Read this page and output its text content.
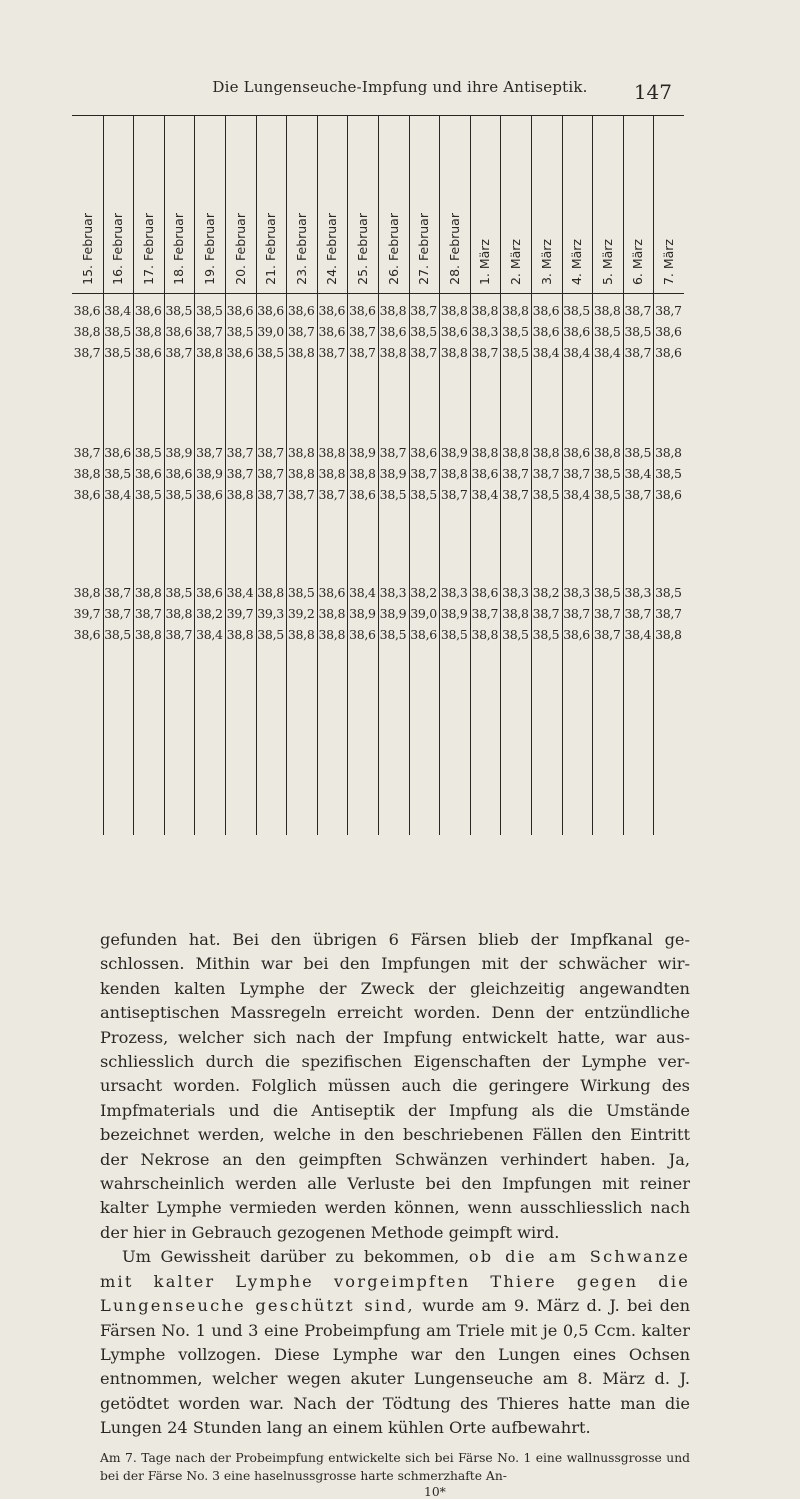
Die Lungenseuche-Impfung und ihre Antiseptik.	147
15. Februar 16. Februar 17. Februar 18. Februar 19. Februar 20. Februar 21. Februar 23. Februar 24. Februar 25. Februar 26. Februar 27. Februar 28. Februar 1. März 2. März 3. März 4. März 5. März 6. März 7. März
38,6 38,4 38,6 38,5 38,5 38,6 38,6 38,6 38,6 38,6 38,8 38,7 38,8 38,8 38,8 38,6 38,5 38,8 38,7 38,7
38,8 38,5 38,8 38,6 38,7 38,5 39,0 38,7 38,6 38,7 38,6 38,5 38,6 38,3 38,5 38,6 38,6 38,5 38,5 38,6
38,7 38,5 38,6 38,7 38,8 38,6 38,5 38,8 38,7 38,7 38,8 38,7 38,8 38,7 38,5 38,4 38,4 38,4 38,7 38,6
38,7 38,6 38,5 38,9 38,7 38,7 38,7 38,8 38,8 38,9 38,7 38,6 38,9 38,8 38,8 38,8 38,6 38,8 38,5 38,8
38,8 38,5 38,6 38,6 38,9 38,7 38,7 38,8 38,8 38,8 38,9 38,7 38,8 38,6 38,7 38,7 38,7 38,5 38,4 38,5
38,6 38,4 38,5 38,5 38,6 38,8 38,7 38,7 38,7 38,6 38,5 38,5 38,7 38,4 38,7 38,5 38,4 38,5 38,7 38,6
38,8 38,7 38,8 38,5 38,6 38,4 38,8 38,5 38,6 38,4 38,3 38,2 38,3 38,6 38,3 38,2 38,3 38,5 38,3 38,5
39,7 38,7 38,7 38,8 38,2 39,7 39,3 39,2 38,8 38,9 38,9 39,0 38,9 38,7 38,8 38,7 38,7 38,7 38,7 38,7
38,6 38,5 38,8 38,7 38,4 38,8 38,5 38,8 38,8 38,6 38,5 38,6 38,5 38,8 38,5 38,5 38,6 38,7 38,4 38,8

gefunden hat. Bei den übrigen 6 Färsen blieb der Impfkanal geschlossen. Mithin war bei den Impfungen mit der schwächer wirkenden kalten Lymphe der Zweck der gleichzeitig angewandten antiseptischen Massregeln erreicht worden. Denn der entzündliche Prozess, welcher sich nach der Impfung entwickelt hatte, war ausschliesslich durch die spezifischen Eigenschaften der Lymphe verursacht worden. Folglich müssen auch die geringere Wirkung des Impfmaterials und die Antiseptik der Impfung als die Umstände bezeichnet werden, welche in den beschriebenen Fällen den Eintritt der Nekrose an den geimpften Schwänzen verhindert haben. Ja, wahrscheinlich werden alle Verluste bei den Impfungen mit reiner kalter Lymphe vermieden werden können, wenn ausschliesslich nach der hier in Gebrauch gezogenen Methode geimpft wird.

Um Gewissheit darüber zu bekommen, ob die am Schwanze mit kalter Lymphe vorgeimpften Thiere gegen die Lungenseuche geschützt sind, wurde am 9. März d. J. bei den Färsen No. 1 und 3 eine Probeimpfung am Triele mit je 0,5 Ccm. kalter Lymphe vollzogen. Diese Lymphe war den Lungen eines Ochsen entnommen, welcher wegen akuter Lungenseuche am 8. März d. J. getödtet worden war. Nach der Tödtung des Thieres hatte man die Lungen 24 Stunden lang an einem kühlen Orte aufbewahrt.

Am 7. Tage nach der Probeimpfung entwickelte sich bei Färse No. 1 eine wallnussgrosse und bei der Färse No. 3 eine haselnussgrosse harte schmerzhafte An-
10*
